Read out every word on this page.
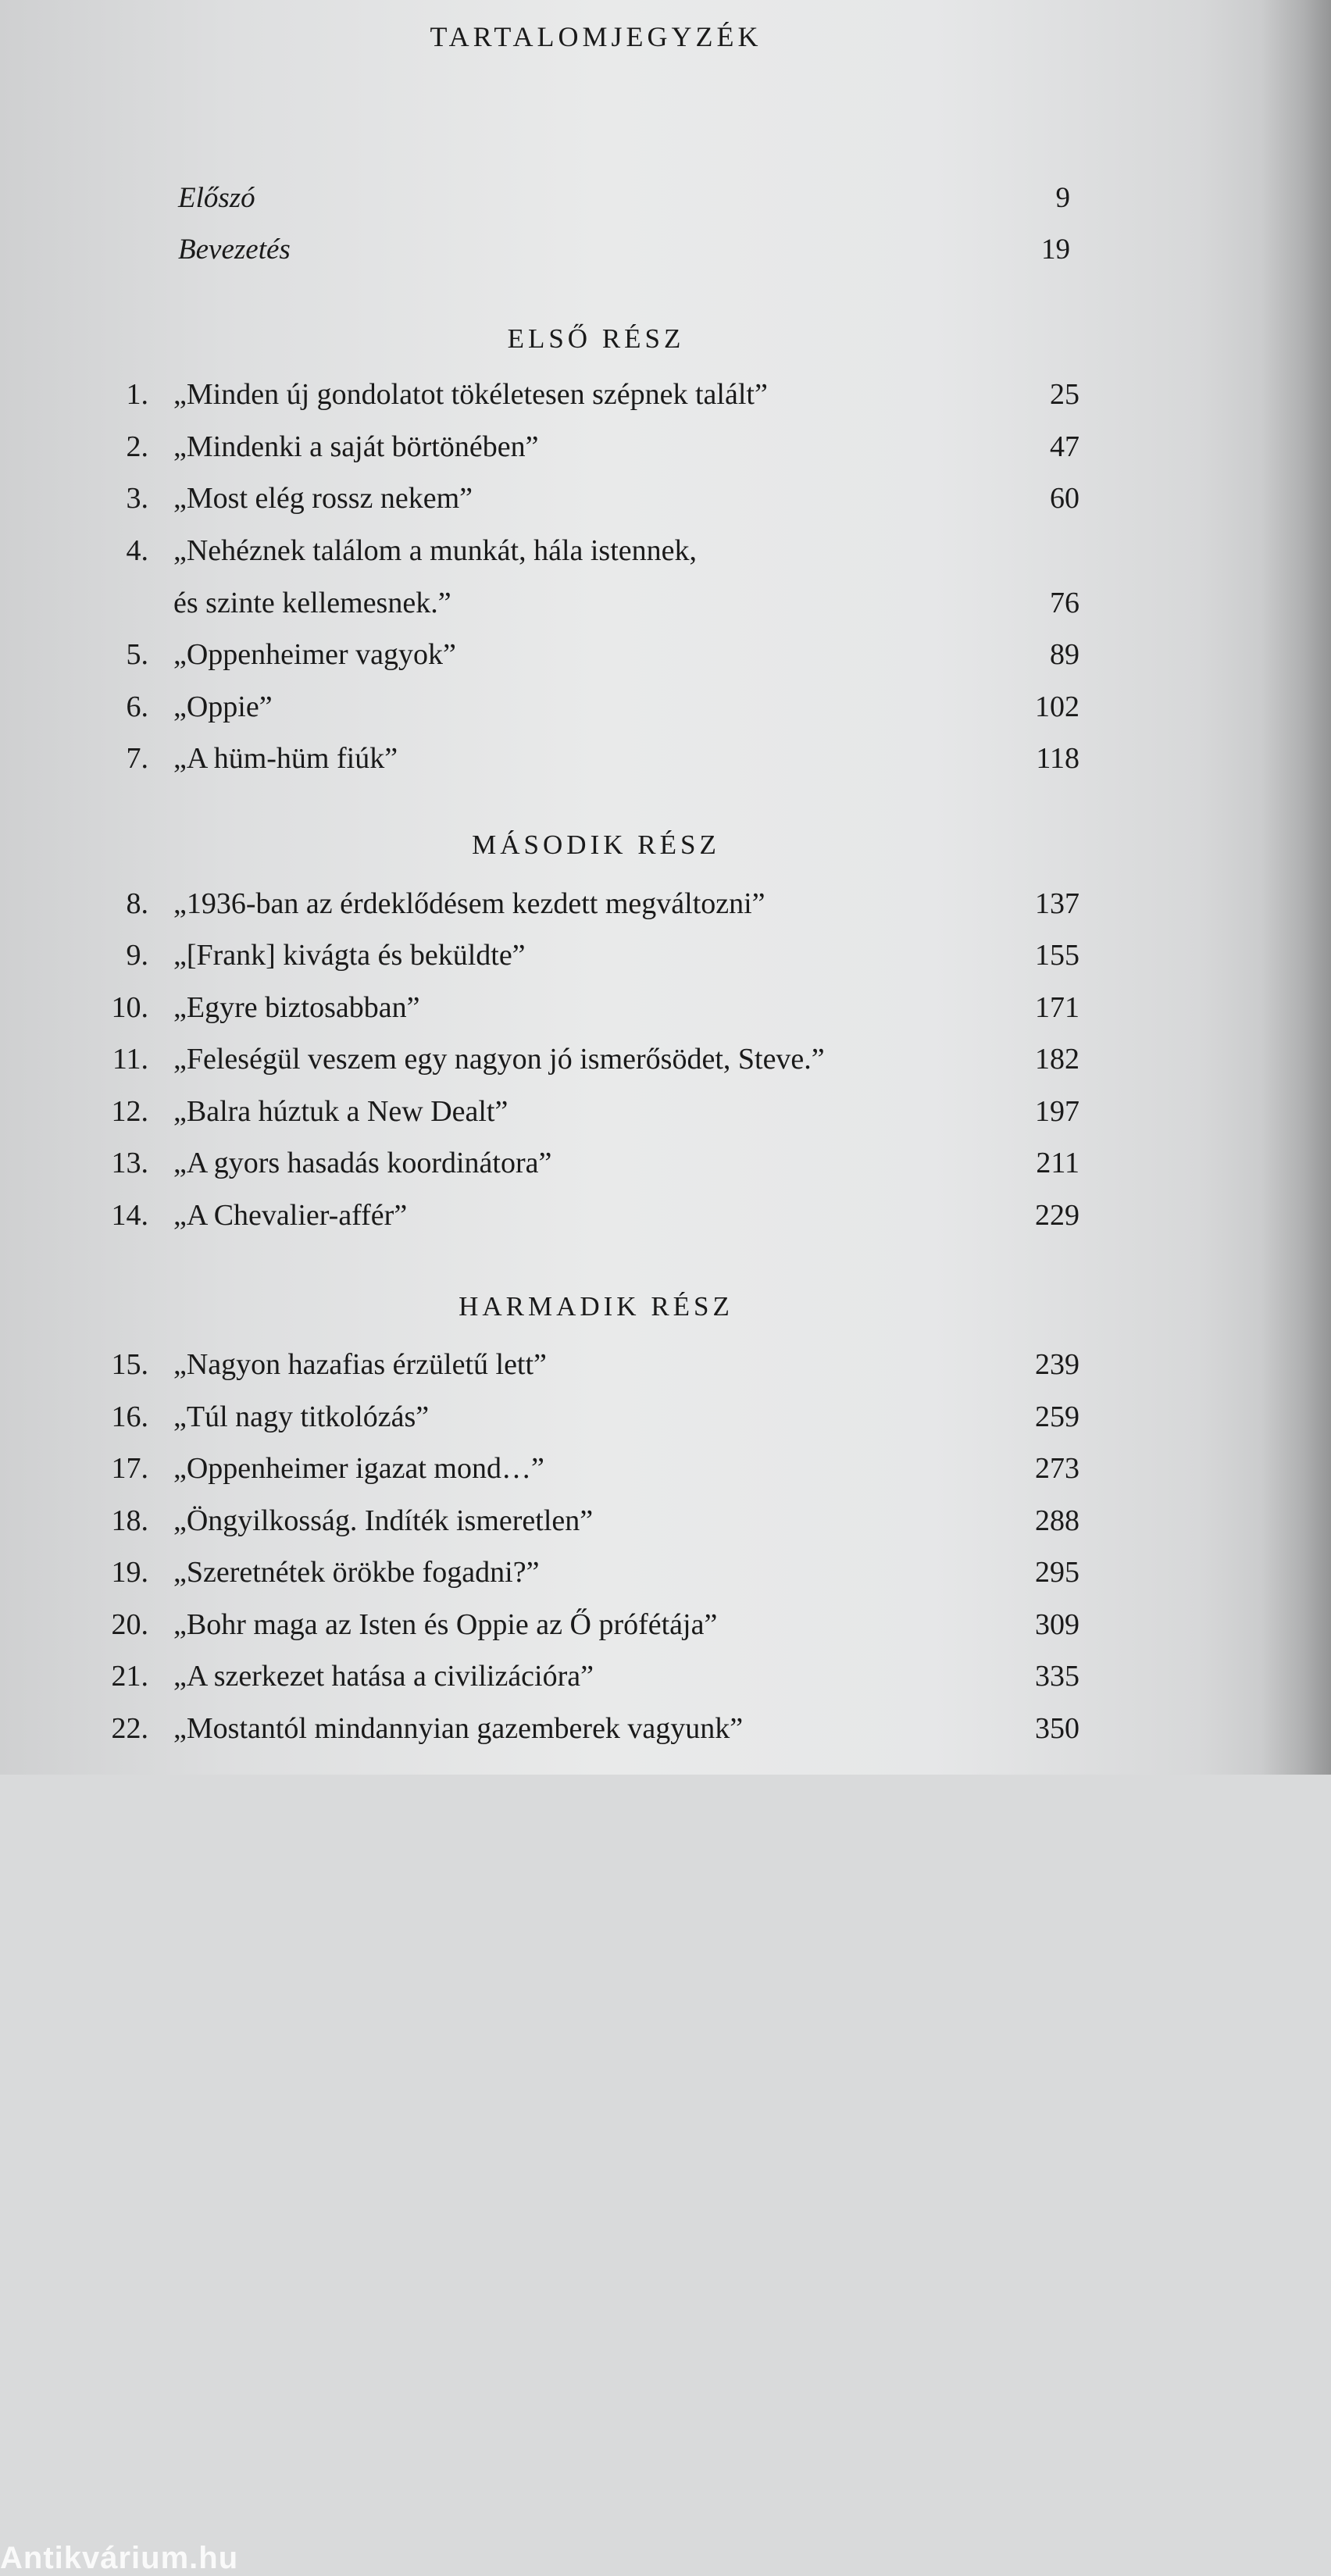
TARTALOMJEGYZÉK
Előszó	9
Bevezetés	19
ELSŐ RÉSZ
1. „Minden új gondolatot tökéletesen szépnek talált”	25
2. „Mindenki a saját börtönében”	47
3. „Most elég rossz nekem”	60
4. „Nehéznek találom a munkát, hála istennek,
és szinte kellemesnek.”	76
5. „Oppenheimer vagyok”	89
6. „Oppie”	102
7. „A hüm-hüm fiúk”	118
MÁSODIK RÉSZ
8. „1936-ban az érdeklődésem kezdett megváltozni”	137
9. „[Frank] kivágta és beküldte”	155
10. „Egyre biztosabban”	171
11. „Feleségül veszem egy nagyon jó ismerősödet, Steve.”	182
12. „Balra húztuk a New Dealt”	197
13. „A gyors hasadás koordinátora”	211
14. „A Chevalier-affér”	229
HARMADIK RÉSZ
15. „Nagyon hazafias érzületű lett”	239
16. „Túl nagy titkolózás”	259
17. „Oppenheimer igazat mond…”	273
18. „Öngyilkosság. Indíték ismeretlen”	288
19. „Szeretnétek örökbe fogadni?”	295
20. „Bohr maga az Isten és Oppie az Ő prófétája”	309
21. „A szerkezet hatása a civilizációra”	335
22. „Mostantól mindannyian gazemberek vagyunk”	350
Antikvárium.hu
